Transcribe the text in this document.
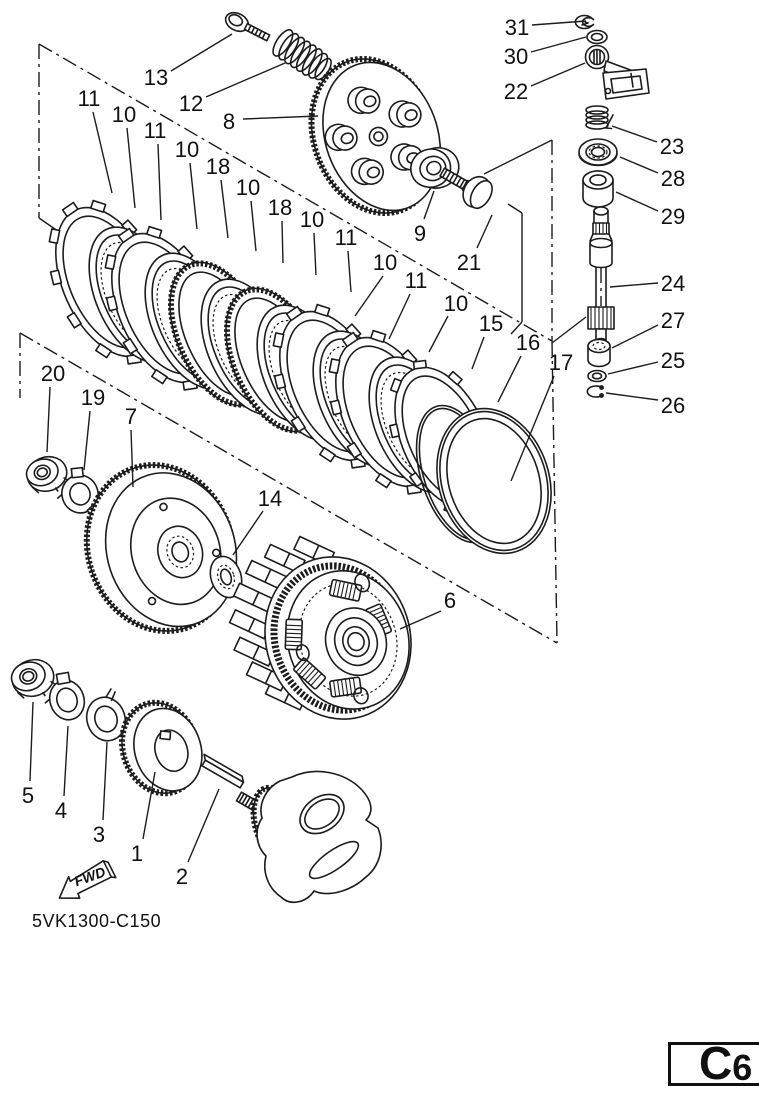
FWD
5VK1300-C150
13
12
8
11
10
11
10
18
10
18 10
11
10
11
10
15
16
17
9
21
31
30
22
23
28
29
24
27
25
26
20
19
7
14
6
5
4
3
1
2
C 6
